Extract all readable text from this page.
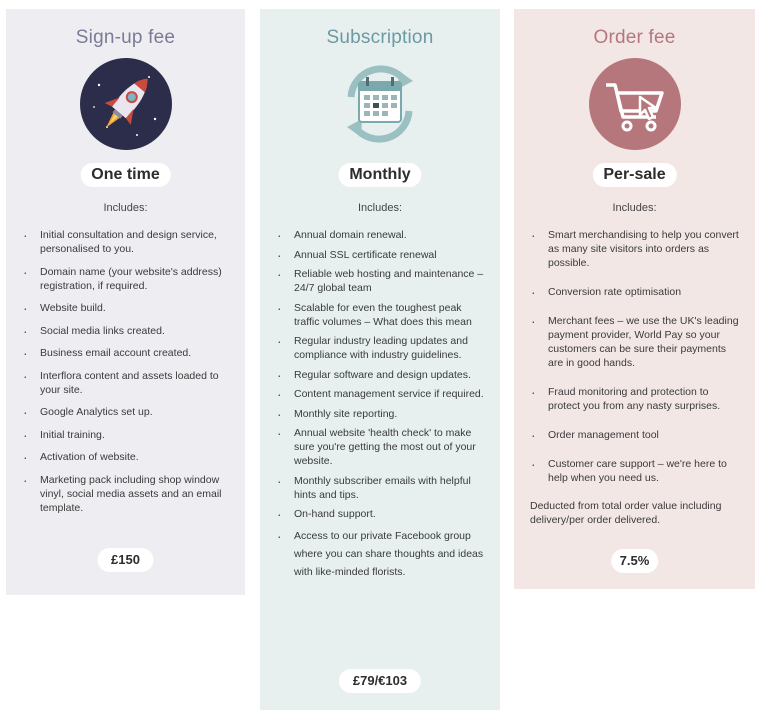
Sign-up fee
One time
Includes:
· Initial consultation and design service, personalised to you.
· Domain name (your website's address) registration, if required.
· Website build.
· Social media links created.
· Business email account created.
· Interflora content and assets loaded to your site.
· Google Analytics set up.
· Initial training.
· Activation of website.
· Marketing pack including shop window vinyl, social media assets and an email template.
£150
Subscription
Monthly
Includes:
· Annual domain renewal.
· Annual SSL certificate renewal
· Reliable web hosting and maintenance – 24/7 global team
· Scalable for even the toughest peak traffic volumes – What does this mean
· Regular industry leading updates and compliance with industry guidelines.
· Regular software and design updates.
· Content management service if required.
· Monthly site reporting.
· Annual website 'health check' to make sure you're getting the most out of your website.
· Monthly subscriber emails with helpful hints and tips.
· On-hand support.
· Access to our private Facebook group where you can share thoughts and ideas with like-minded florists.
£79/€103
Order fee
Per-sale
Includes:
· Smart merchandising to help you convert as many site visitors into orders as possible.
· Conversion rate optimisation
· Merchant fees – we use the UK's leading payment provider, World Pay so your customers can be sure their payments are in good hands.
· Fraud monitoring and protection to protect you from any nasty surprises.
· Order management tool
· Customer care support – we're here to help when you need us.
Deducted from total order value including delivery/per order delivered.
7.5%
